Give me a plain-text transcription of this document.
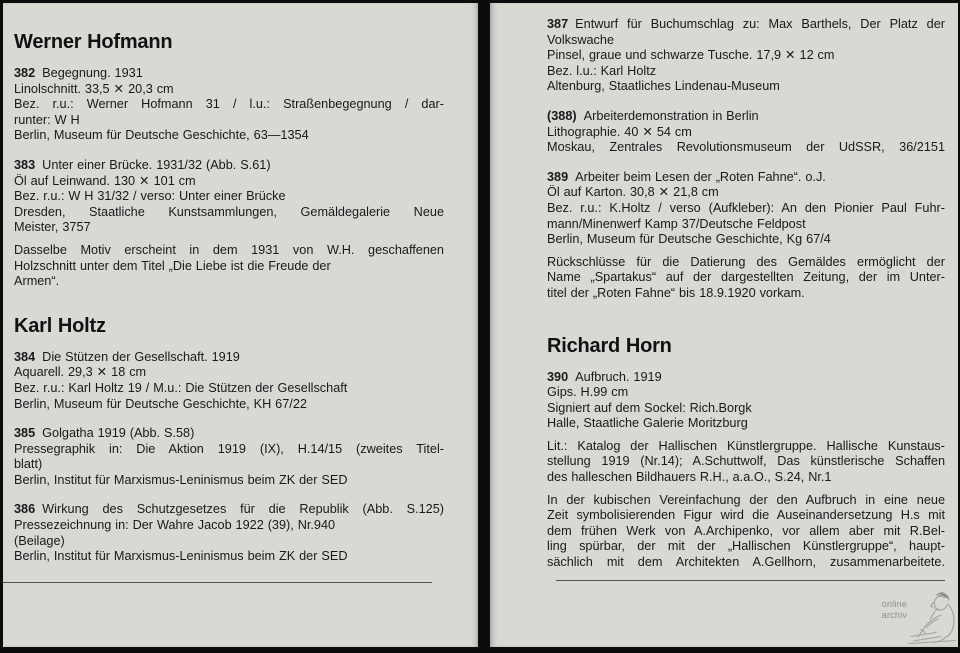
Werner Hofmann
382 Begegnung. 1931
Linolschnitt. 33,5 ✕ 20,3 cm
Bez. r.u.: Werner Hofmann 31 / l.u.: Straßenbegegnung / dar-
runter: W H
Berlin, Museum für Deutsche Geschichte, 63—1354
383 Unter einer Brücke. 1931/32 (Abb. S.61)
Öl auf Leinwand. 130 ✕ 101 cm
Bez. r.u.: W H 31/32 / verso: Unter einer Brücke
Dresden, Staatliche Kunstsammlungen, Gemäldegalerie Neue
Meister, 3757
Dasselbe Motiv erscheint in dem 1931 von W.H. geschaffenen
Holzschnitt unter dem Titel „Die Liebe ist die Freude der
Armen“.
Karl Holtz
384 Die Stützen der Gesellschaft. 1919
Aquarell. 29,3 ✕ 18 cm
Bez. r.u.: Karl Holtz 19 / M.u.: Die Stützen der Gesellschaft
Berlin, Museum für Deutsche Geschichte, KH 67/22
385 Golgatha 1919 (Abb. S.58)
Pressegraphik in: Die Aktion 1919 (IX), H.14/15 (zweites Titel-
blatt)
Berlin, Institut für Marxismus-Leninismus beim ZK der SED
386 Wirkung des Schutzgesetzes für die Republik (Abb. S.125)
Pressezeichnung in: Der Wahre Jacob 1922 (39), Nr.940
(Beilage)
Berlin, Institut für Marxismus-Leninismus beim ZK der SED
online
archiv
387 Entwurf für Buchumschlag zu: Max Barthels, Der Platz der
Volkswache
Pinsel, graue und schwarze Tusche. 17,9 ✕ 12 cm
Bez. l.u.: Karl Holtz
Altenburg, Staatliches Lindenau-Museum
(388) Arbeiterdemonstration in Berlin
Lithographie. 40 ✕ 54 cm
Moskau, Zentrales Revolutionsmuseum der UdSSR, 36/2151
389 Arbeiter beim Lesen der „Roten Fahne“. o.J.
Öl auf Karton. 30,8 ✕ 21,8 cm
Bez. r.u.: K.Holtz / verso (Aufkleber): An den Pionier Paul Fuhr-
mann/Minenwerf Kamp 37/Deutsche Feldpost
Berlin, Museum für Deutsche Geschichte, Kg 67/4
Rückschlüsse für die Datierung des Gemäldes ermöglicht der
Name „Spartakus“ auf der dargestellten Zeitung, der im Unter-
titel der „Roten Fahne“ bis 18.9.1920 vorkam.
Richard Horn
390 Aufbruch. 1919
Gips. H.99 cm
Signiert auf dem Sockel: Rich.Borgk
Halle, Staatliche Galerie Moritzburg
Lit.: Katalog der Hallischen Künstlergruppe. Hallische Kunstaus-
stellung 1919 (Nr.14); A.Schuttwolf, Das künstlerische Schaffen
des halleschen Bildhauers R.H., a.a.O., S.24, Nr.1
In der kubischen Vereinfachung der den Aufbruch in eine neue
Zeit symbolisierenden Figur wird die Auseinandersetzung H.s mit
dem frühen Werk von A.Archipenko, vor allem aber mit R.Bel-
ling spürbar, der mit der „Hallischen Künstlergruppe“, haupt-
sächlich mit dem Architekten A.Gellhorn, zusammenarbeitete.
